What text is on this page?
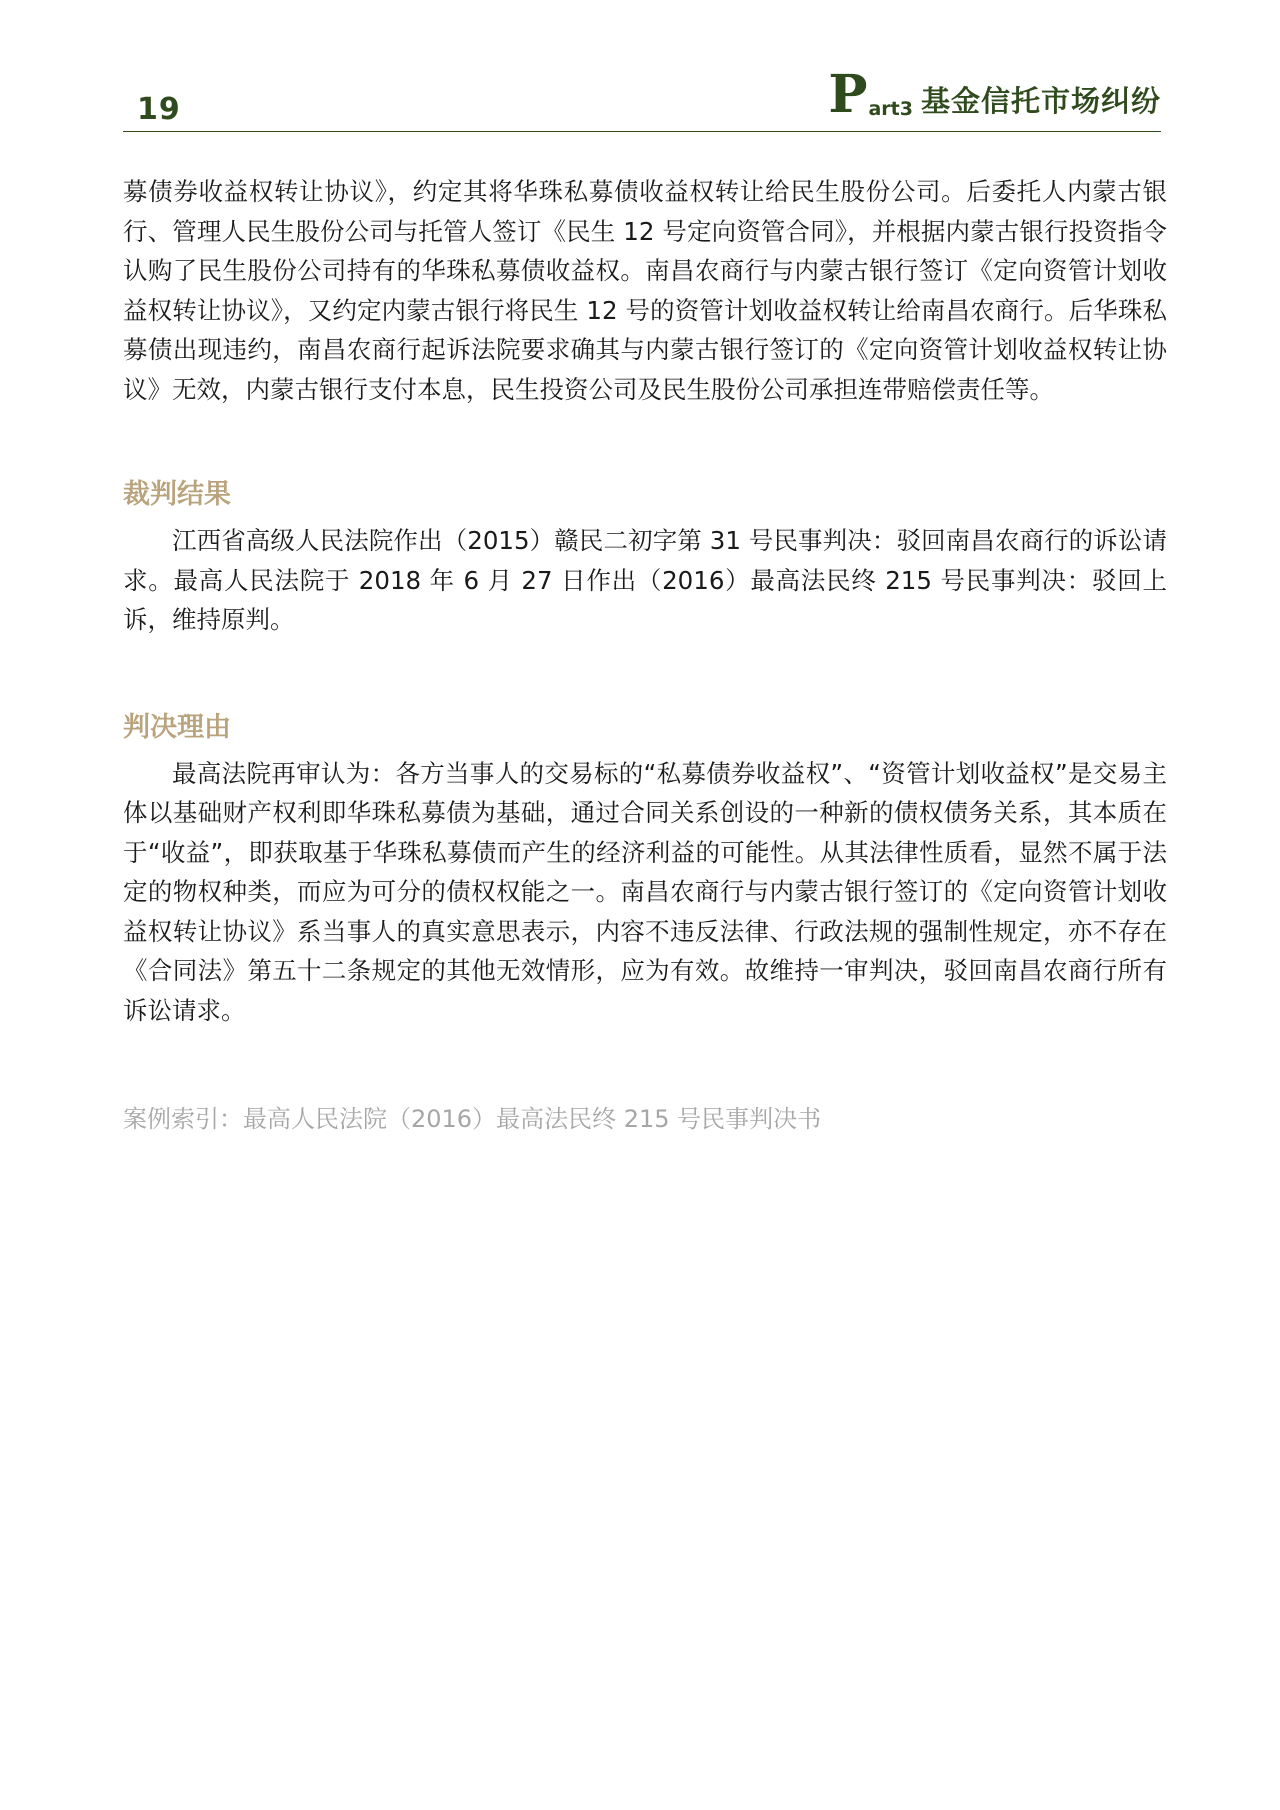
19	P art3 基金信托市场纠纷

募债券收益权转让协议》，约定其将华珠私募债收益权转让给民生股份公司。后委托人内蒙古银行、管理人民生股份公司与托管人签订《民生 12 号定向资管合同》，并根据内蒙古银行投资指令认购了民生股份公司持有的华珠私募债收益权。南昌农商行与内蒙古银行签订《定向资管计划收益权转让协议》，又约定内蒙古银行将民生 12 号的资管计划收益权转让给南昌农商行。后华珠私募债出现违约，南昌农商行起诉法院要求确其与内蒙古银行签订的《定向资管计划收益权转让协议》无效，内蒙古银行支付本息，民生投资公司及民生股份公司承担连带赔偿责任等。

裁判结果

江西省高级人民法院作出（2015）赣民二初字第 31 号民事判决：驳回南昌农商行的诉讼请求。最高人民法院于 2018 年 6 月 27 日作出（2016）最高法民终 215 号民事判决：驳回上诉，维持原判。

判决理由

最高法院再审认为：各方当事人的交易标的“私募债券收益权”、“资管计划收益权”是交易主体以基础财产权利即华珠私募债为基础，通过合同关系创设的一种新的债权债务关系，其本质在于“收益”，即获取基于华珠私募债而产生的经济利益的可能性。从其法律性质看，显然不属于法定的物权种类，而应为可分的债权权能之一。南昌农商行与内蒙古银行签订的《定向资管计划收益权转让协议》系当事人的真实意思表示，内容不违反法律、行政法规的强制性规定，亦不存在《合同法》第五十二条规定的其他无效情形，应为有效。故维持一审判决，驳回南昌农商行所有诉讼请求。

案例索引：最高人民法院（2016）最高法民终 215 号民事判决书
